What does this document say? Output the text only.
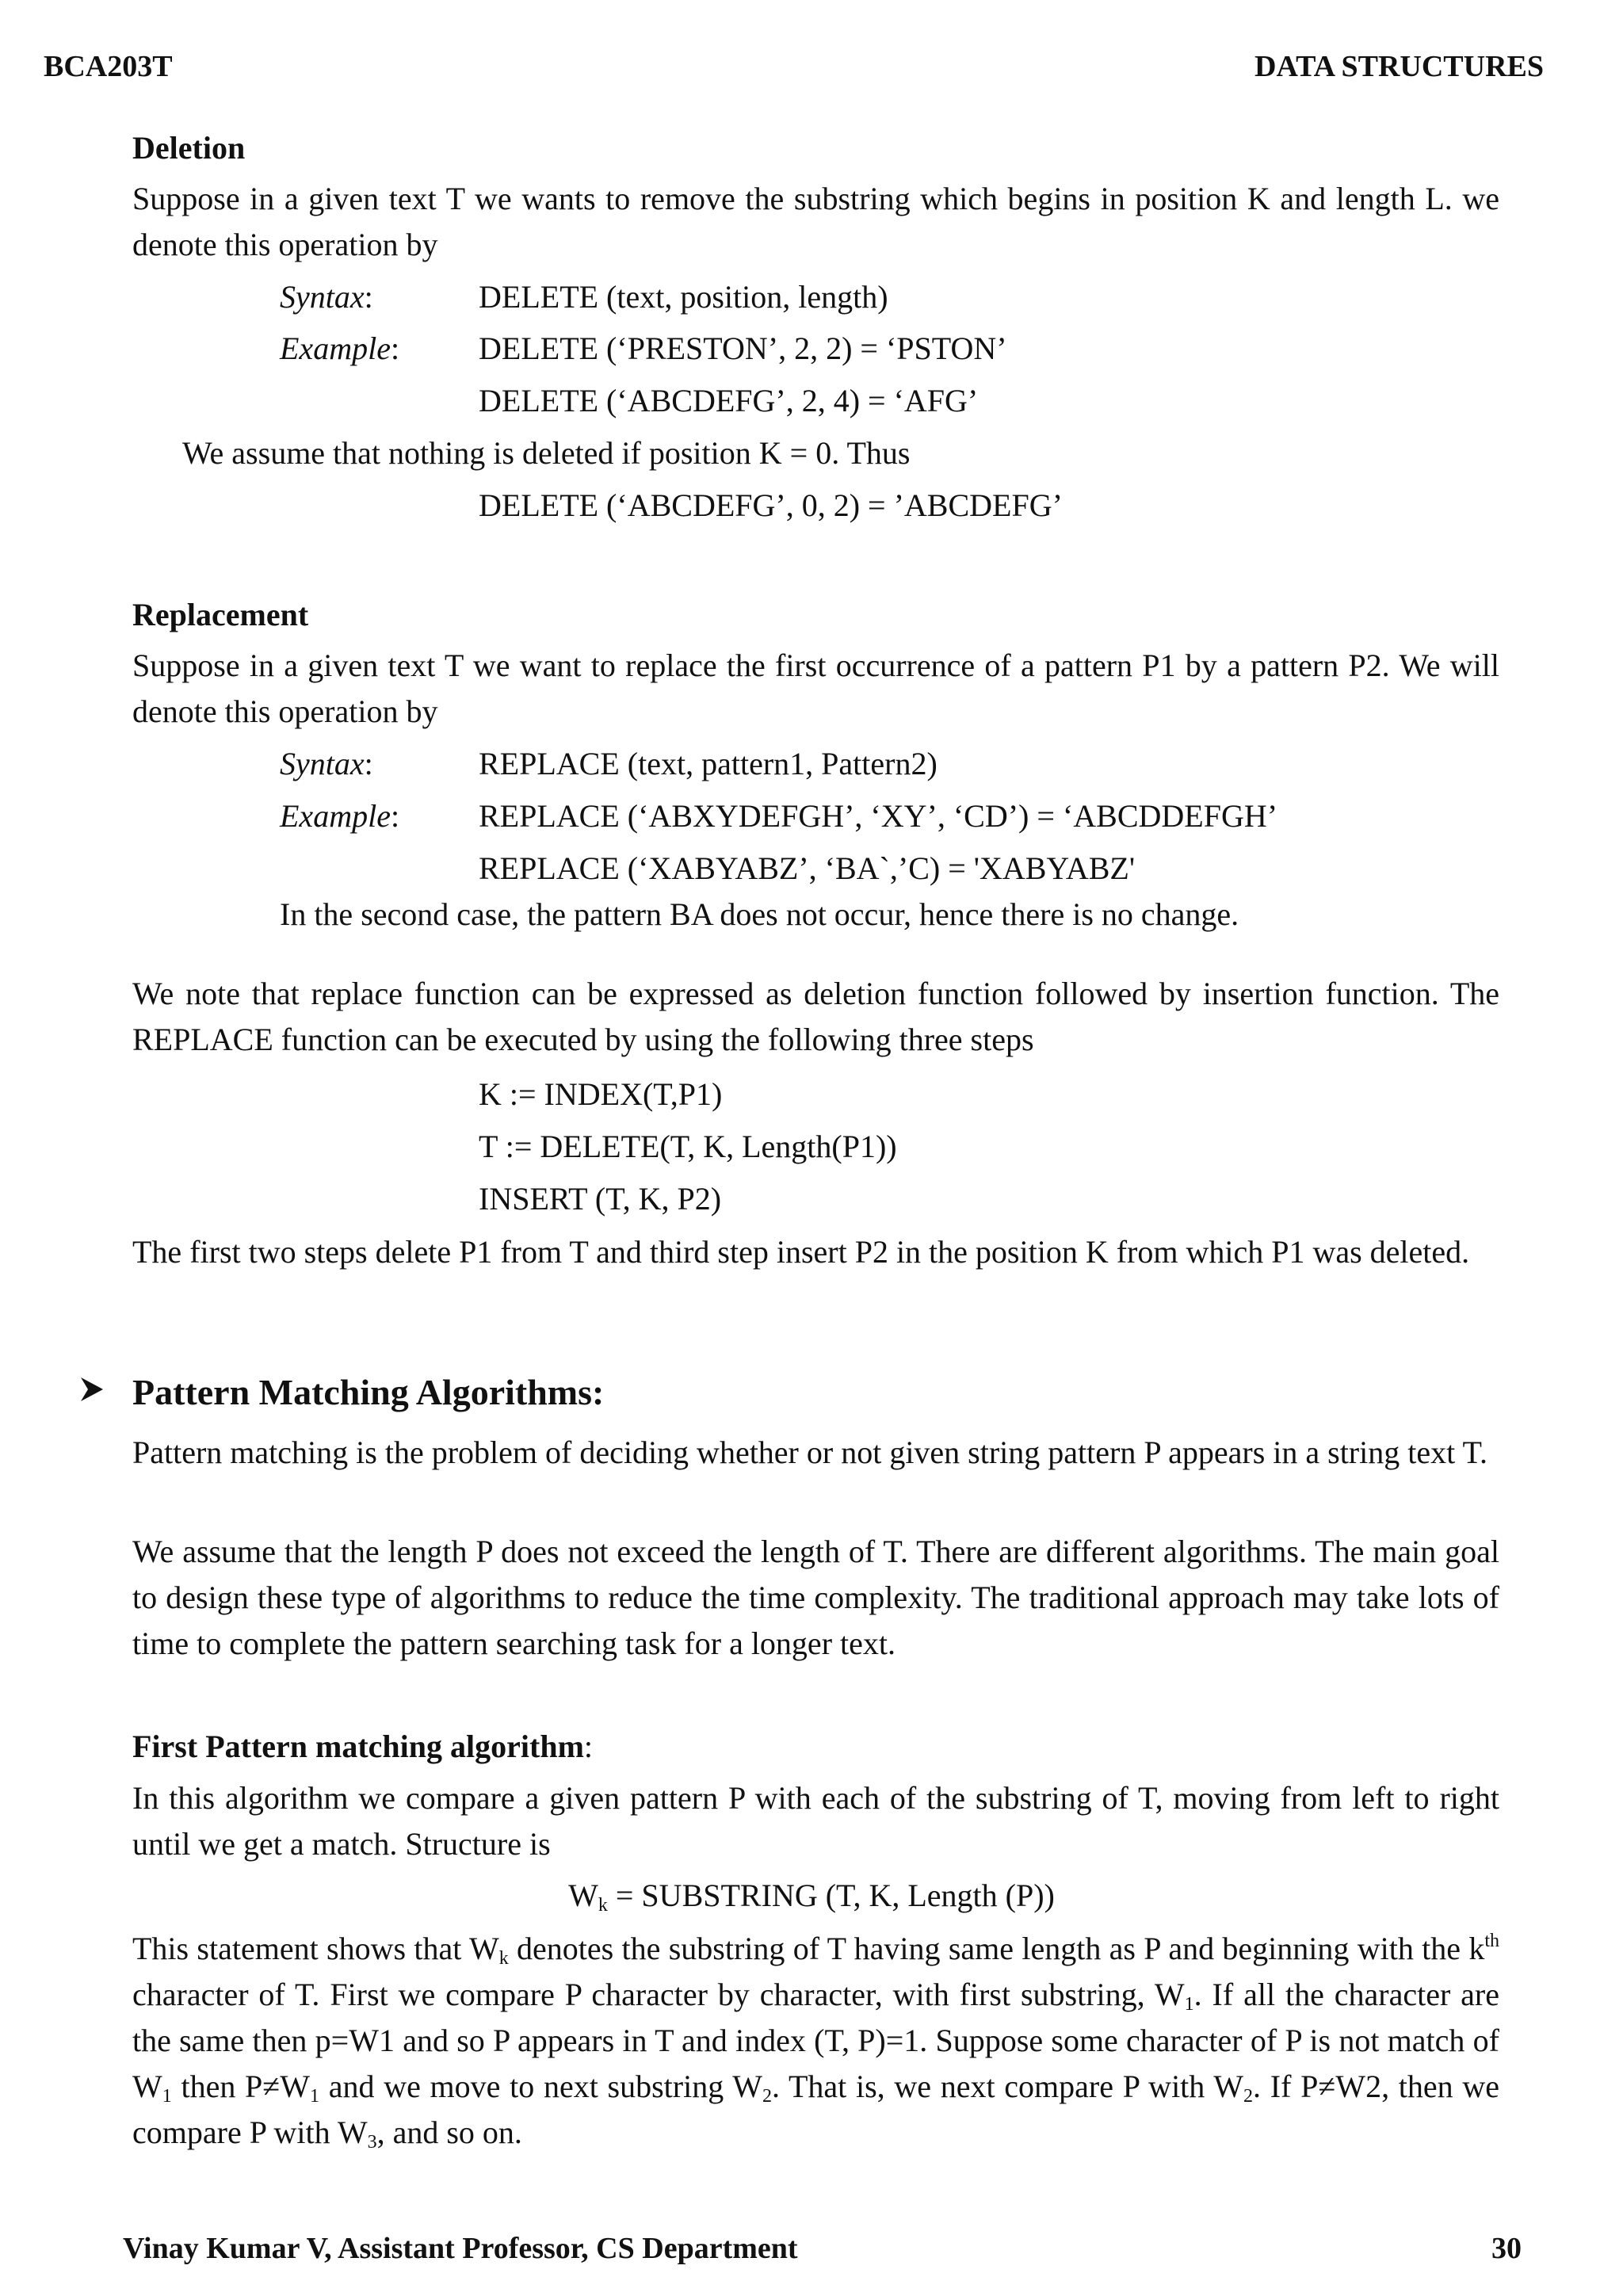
BCA203T	DATA STRUCTURES
Deletion
Suppose in a given text T we wants to remove the substring which begins in position K and length L. we denote this operation by
Syntax:	DELETE (text, position, length)
Example: DELETE (‘PRESTON’, 2, 2) = ‘PSTON’
DELETE (‘ABCDEFG’, 2, 4) = ‘AFG’
We assume that nothing is deleted if position K = 0. Thus
DELETE (‘ABCDEFG’, 0, 2) = ’ABCDEFG’
Replacement
Suppose in a given text T we want to replace the first occurrence of a pattern P1 by a pattern P2. We will denote this operation by
Syntax:	REPLACE (text, pattern1, Pattern2)
Example: REPLACE (‘ABXYDEFGH’, ‘XY’, ‘CD’) = ‘ABCDDEFGH’
REPLACE (‘XABYABZ’, ‘BA`,’C) = 'XABYABZ'
In the second case, the pattern BA does not occur, hence there is no change.
We note that replace function can be expressed as deletion function followed by insertion function. The REPLACE function can be executed by using the following three steps
K := INDEX(T,P1)
T := DELETE(T, K, Length(P1))
INSERT (T, K, P2)
The first two steps delete P1 from T and third step insert P2 in the position K from which P1 was deleted.
Pattern Matching Algorithms:
Pattern matching is the problem of deciding whether or not given string pattern P appears in a string text T.
We assume that the length P does not exceed the length of T. There are different algorithms. The main goal to design these type of algorithms to reduce the time complexity. The traditional approach may take lots of time to complete the pattern searching task for a longer text.
First Pattern matching algorithm:
In this algorithm we compare a given pattern P with each of the substring of T, moving from left to right until we get a match. Structure is
$W_k$ = SUBSTRING (T, K, Length (P))
This statement shows that $W_k$ denotes the substring of T having same length as P and beginning with the $k^{th}$ character of T. First we compare P character by character, with first substring, $W_1$. If all the character are the same then p=W1 and so P appears in T and index (T, P)=1. Suppose some character of P is not match of $W_1$ then $P\ne W_1$ and we move to next substring $W_2$. That is, we next compare P with $W_2$. If P≠W2, then we compare P with $W_3$, and so on.
Vinay Kumar V, Assistant Professor, CS Department	30
